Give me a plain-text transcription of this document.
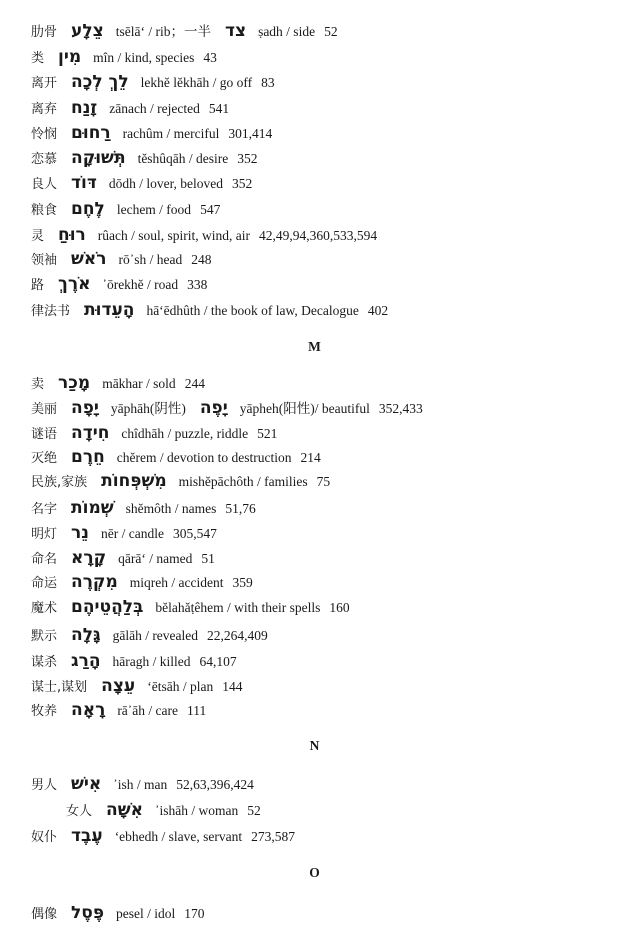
肋骨 צֵלָע tsēlā‘ / rib；一半 צד ṣadh / side 52
类 מִין mîn / kind, species 43
离开 לֵךְ לְכָה lekhĕ lĕkhāh / go off 83
离弃 זָנַח zānach / rejected 541
怜悯 רַחוּם rachûm / merciful 301,414
恋慕 תְּשׁוּקָה tĕshûqāh / desire 352
良人 דּוֹד dōdh / lover, beloved 352
粮食 לֶחֶם lechem / food 547
灵 רוּחַ rûach / soul, spirit, wind, air 42,49,94,360,533,594
领袖 רֹאשׁ rō᾿sh / head 248
路 אֹרֶךְ ᾿ōrekhĕ / road 338
律法书 הָעֵדוּת hā‘ēdhûth / the book of law, Decalogue 402
M
卖 מָכַר mākhar / sold 244
美丽 יָפָה yāphāh(阴性) יָפֶה yāpheh(阳性)/ beautiful 352,433
谜语 חִידָה chîdhāh / puzzle, riddle 521
灭绝 חֵרֶם chĕrem / devotion to destruction 214
民族,家族 מִשְׁפְּחוֹת mishĕpāchôth / families 75
名字 שְׁמוֹת shĕmôth / names 51,76
明灯 נֵר nēr / candle 305,547
命名 קָרָא qārā‘ / named 51
命运 מִקְרֶה miqreh / accident 359
魔术 בְּלַהֲטֵיהֶם bĕlahăṭêhem / with their spells 160
默示 גָּלָה gālāh / revealed 22,264,409
谋杀 הָרַג hāragh / killed 64,107
谋士,谋划 עֵצָה ‘ētsāh / plan 144
牧养 רָאָה rā᾿āh / care 111
N
男人 אִישׁ ᾿ish / man 52,63,396,424
女人 אִשָּׁה ᾿ishāh / woman 52
奴仆 עֶבֶד ‘ebhedh / slave, servant 273,587
O
偶像 פֶּסֶל pesel / idol 170
